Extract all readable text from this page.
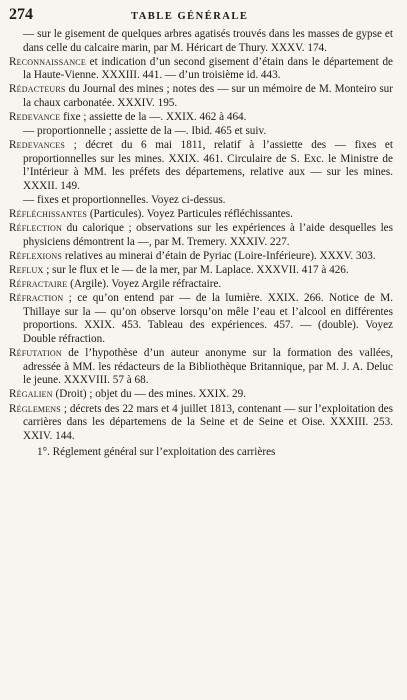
274	TABLE GÉNÉRALE

— sur le gisement de quelques arbres agatisés trouvés dans les masses de gypse et dans celle du calcaire marin, par M. Héricart de Thury. XXXV. 174.

Reconnaissance et indication d’un second gisement d’étain dans le département de la Haute-Vienne. XXXIII. 441. — d’un troisième id. 443.

Rédacteurs du Journal des mines ; notes des — sur un mémoire de M. Monteiro sur la chaux carbonatée. XXXIV. 195.

Redevance fixe ; assiette de la —. XXIX. 462 à 464.

— proportionnelle ; assiette de la —. Ibid. 465 et suiv.

Redevances ; décret du 6 mai 1811, relatif à l’assiette des — fixes et proportionnelles sur les mines. XXIX. 461. Circulaire de S. Exc. le Ministre de l’Intérieur à MM. les préfets des départemens, relative aux — sur les mines. XXXII. 149.

— fixes et proportionnelles. Voyez ci-dessus.

Réfléchissantes (Particules). Voyez Particules réfléchissantes.

Réflection du calorique ; observations sur les expériences à l’aide desquelles les physiciens démontrent la —, par M. Tremery. XXXIV. 227.

Réflexions relatives au minerai d’étain de Pyriac (Loire-Inférieure). XXXV. 303.

Reflux ; sur le flux et le — de la mer, par M. Laplace. XXXVII. 417 à 426.

Réfractaire (Argile). Voyez Argile réfractaire.

Réfraction ; ce qu’on entend par — de la lumière. XXIX. 266. Notice de M. Thillaye sur la — qu’on observe lorsqu’on mêle l’eau et l’alcool en différentes proportions. XXIX. 453. Tableau des expériences. 457. — (double). Voyez Double réfraction.

Réfutation de l’hypothèse d’un auteur anonyme sur la formation des vallées, adressée à MM. les rédacteurs de la Bibliothèque Britannique, par M. J. A. Deluc le jeune. XXXVIII. 57 à 68.

Régalien (Droit) ; objet du — des mines. XXIX. 29.

Réglemens ; décrets des 22 mars et 4 juillet 1813, contenant — sur l’exploitation des carrières dans les départemens de la Seine et de Seine et Oise. XXXIII. 253. XXIV. 144.

1°. Réglement général sur l’exploitation des carrières
